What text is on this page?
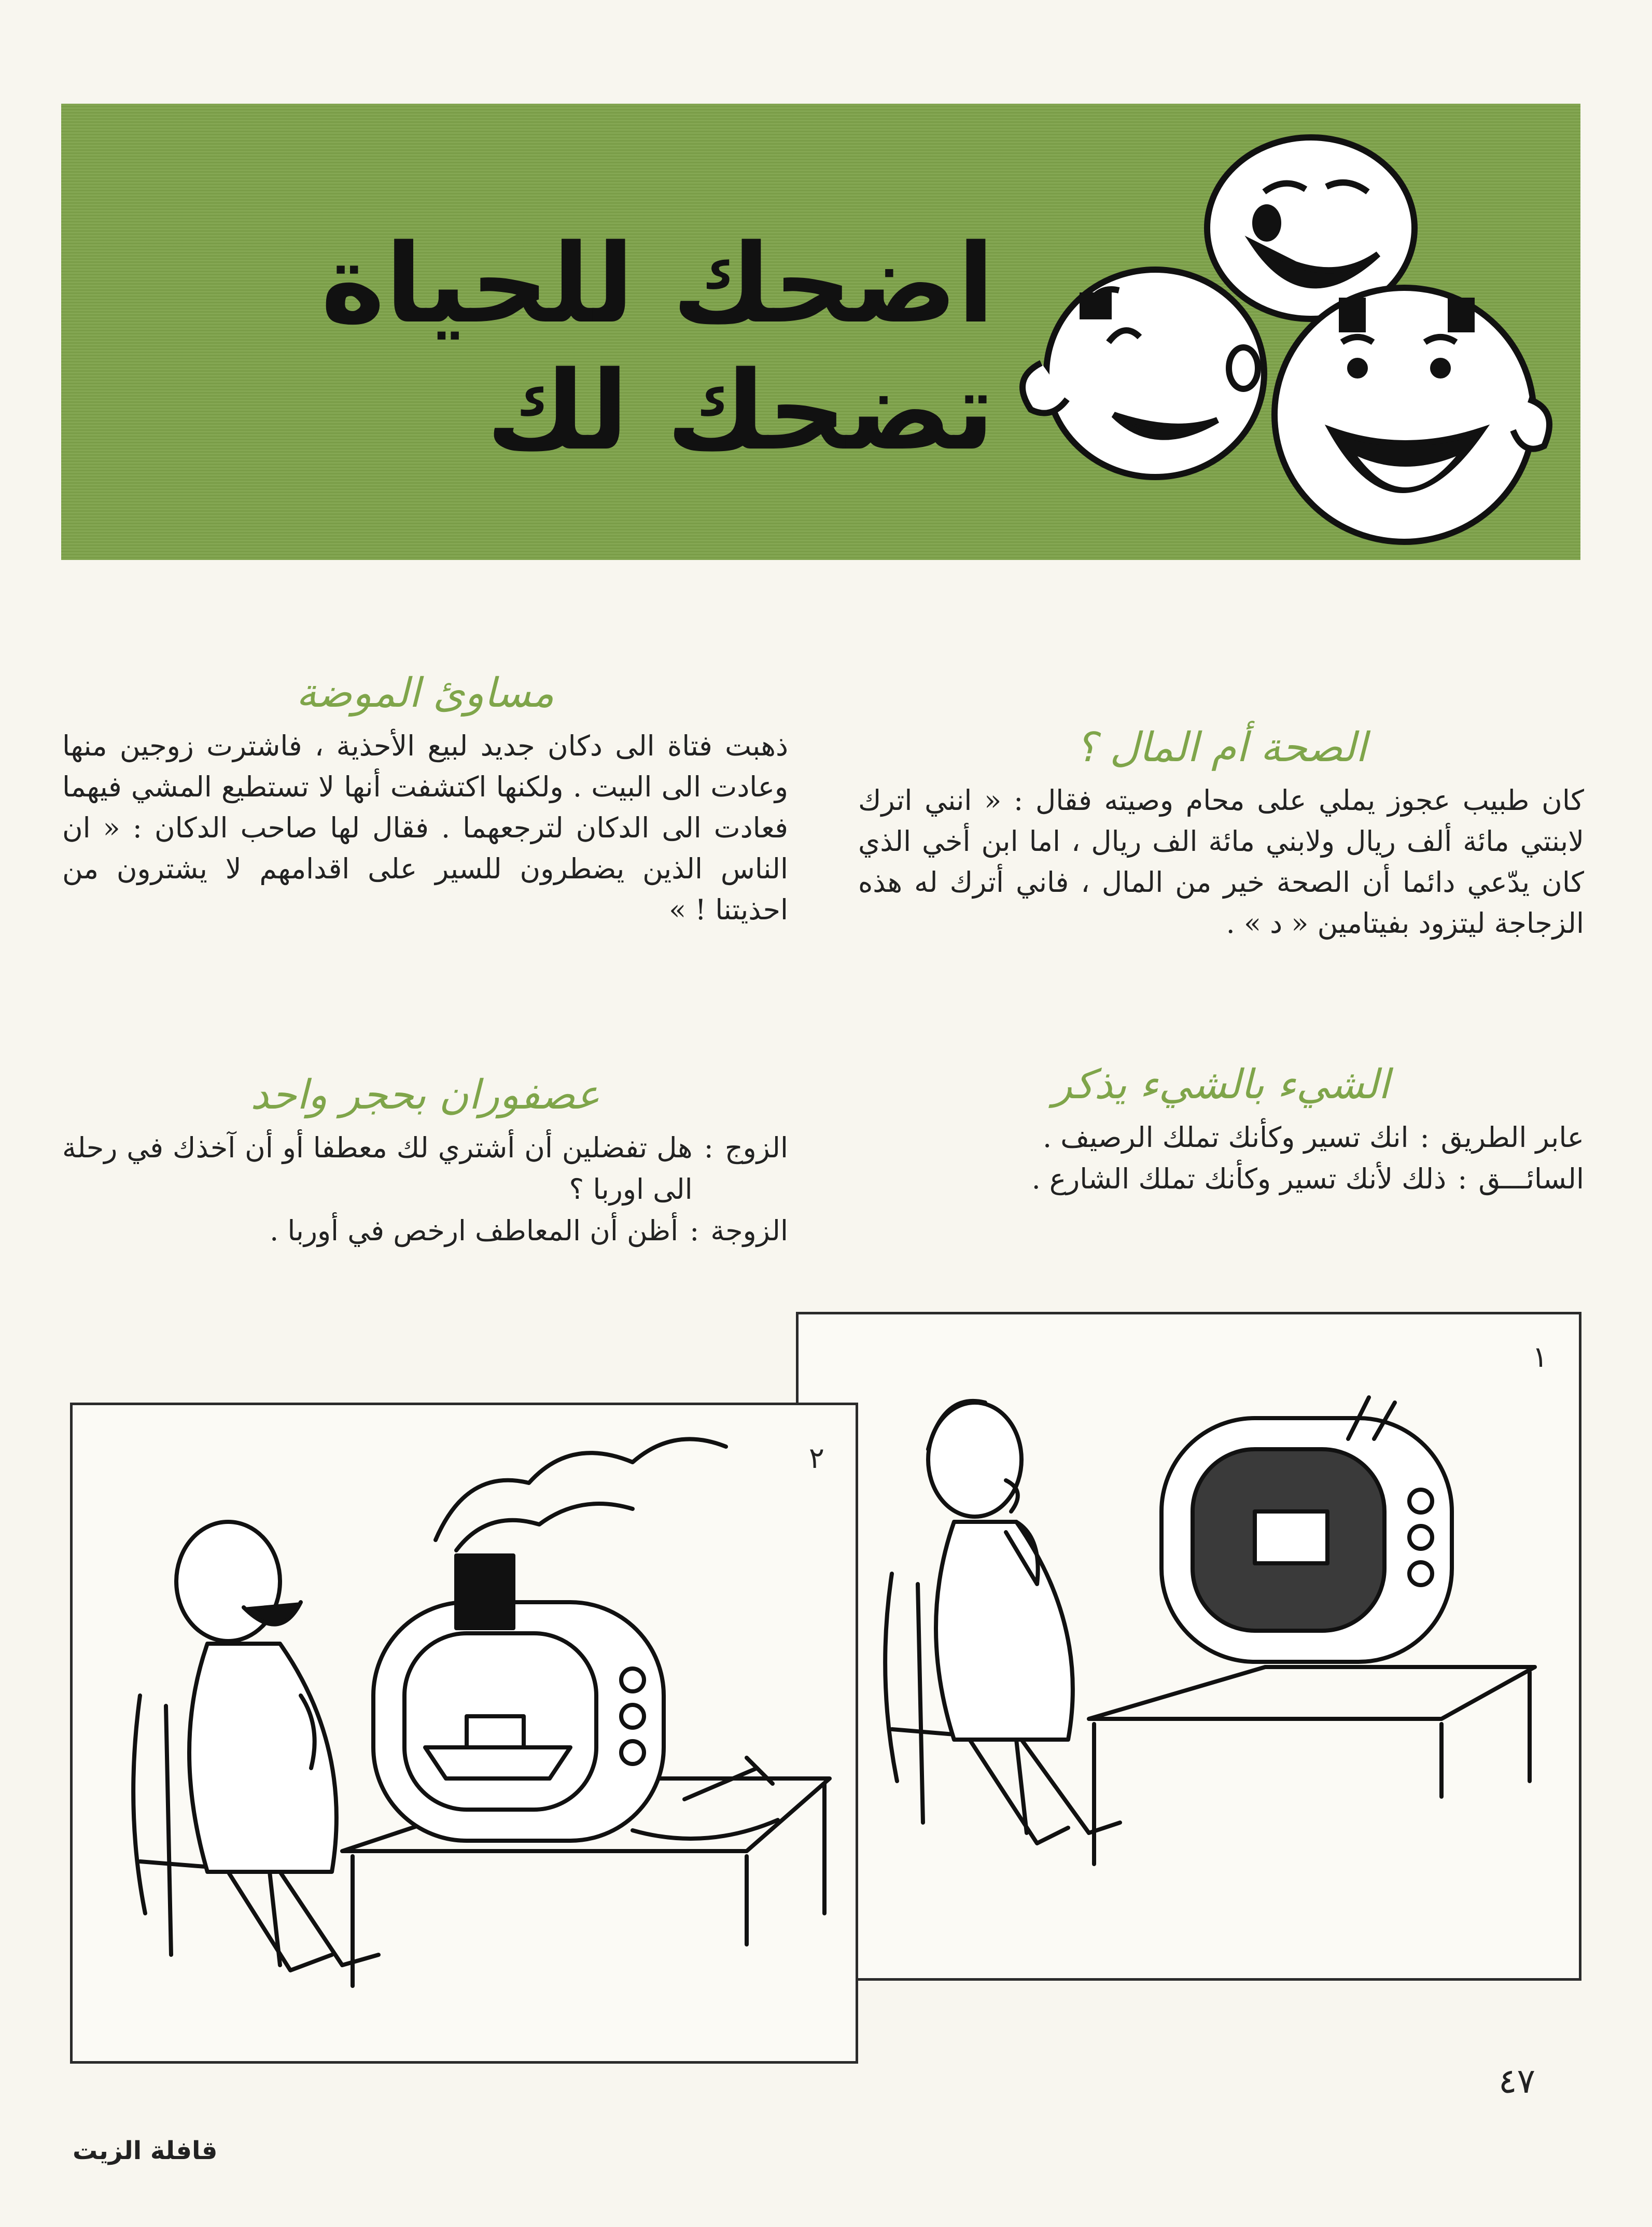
اضحك للحياة تضحك لك
الصحة أم المال ؟
كان طبيب عجوز يملي على محام وصيته فقال : « انني اترك لابنتي مائة ألف ريال ولابني مائة الف ريال ، اما ابن أخي الذي كان يدّعي دائما أن الصحة خير من المال ، فاني أترك له هذه الزجاجة ليتزود بفيتامين « د » .
مساوئ الموضة
ذهبت فتاة الى دكان جديد لبيع الأحذية ، فاشترت زوجين منها وعادت الى البيت . ولكنها اكتشفت أنها لا تستطيع المشي فيهما فعادت الى الدكان لترجعهما . فقال لها صاحب الدكان : « ان الناس الذين يضطرون للسير على اقدامهم لا يشترون من احذيتنا ! »
الشيء بالشيء يذكر
عابر الطريق
:
انك تسير وكأنك تملك الرصيف .
السائـــق
:
ذلك لأنك تسير وكأنك تملك الشارع .
عصفوران بحجر واحد
الزوج
:
هل تفضلين أن أشتري لك معطفا أو أن آخذك في رحلة الى اوربا ؟
الزوجة
:
أظن أن المعاطف ارخص في أوربا .
١
٢
٤٧
قافلة الزيت
